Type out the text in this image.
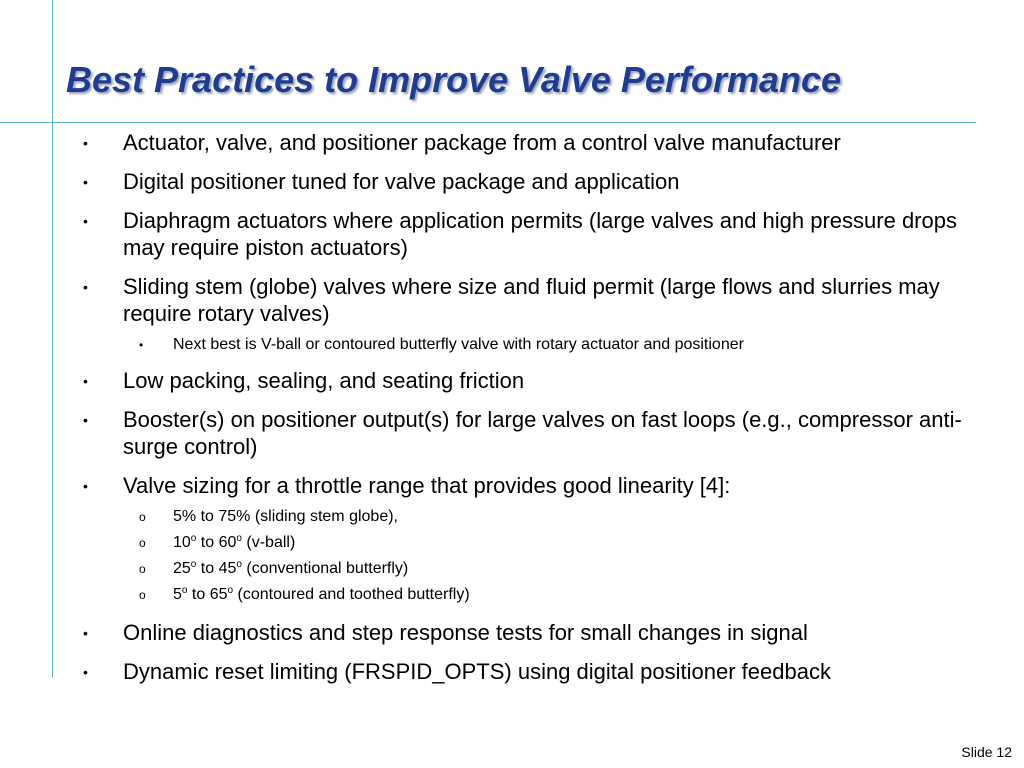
Best Practices to Improve Valve Performance
• Actuator, valve, and positioner package from a control valve manufacturer
• Digital positioner tuned for valve package and application
• Diaphragm actuators where application permits (large valves and high pressure drops may require piston actuators)
• Sliding stem (globe) valves where size and fluid permit (large flows and slurries may require rotary valves)
• Next best is V-ball or contoured butterfly valve with rotary actuator and positioner
• Low packing, sealing, and seating friction
• Booster(s) on positioner output(s) for large valves on fast loops (e.g., compressor anti-surge control)
• Valve sizing for a throttle range that provides good linearity [4]:
o 5% to 75% (sliding stem globe),
o 10$^o$ to 60$^o$ (v-ball)
o 25$^o$ to 45$^o$ (conventional butterfly)
o 5$^o$ to 65$^o$ (contoured and toothed butterfly)
• Online diagnostics and step response tests for small changes in signal
• Dynamic reset limiting (FRSPID_OPTS) using digital positioner feedback
Slide 12
